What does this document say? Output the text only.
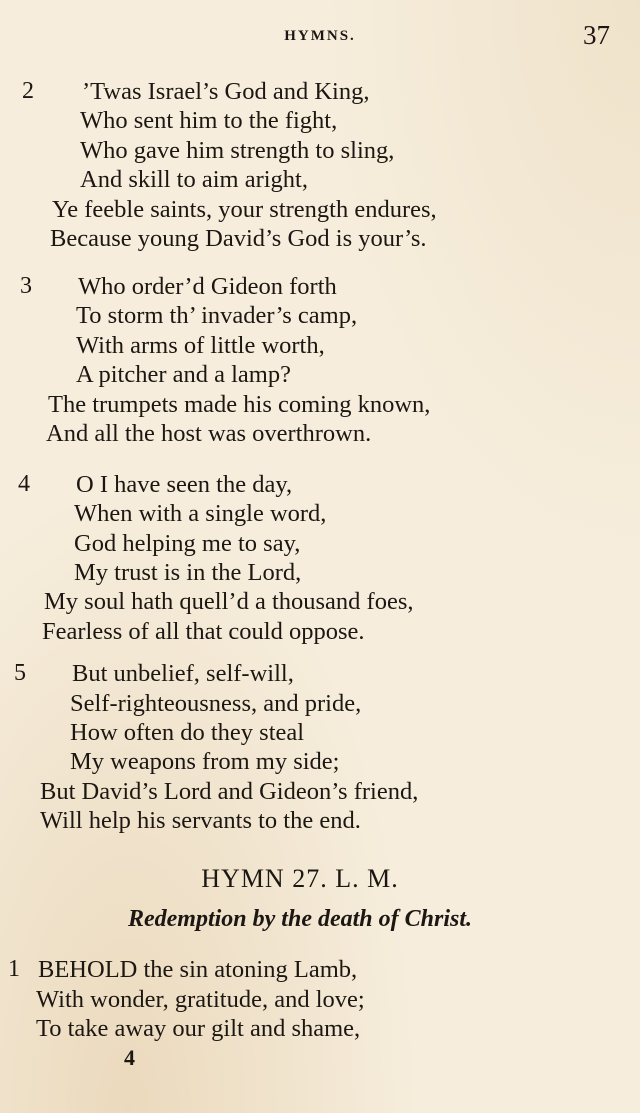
HYMNS.	37
2 ’Twas Israel’s God and King,
Who sent him to the fight,
Who gave him strength to sling,
And skill to aim aright,
Ye feeble saints, your strength endures,
Because young David’s God is your’s.
3 Who order’d Gideon forth
To storm th’ invader’s camp,
With arms of little worth,
A pitcher and a lamp?
The trumpets made his coming known,
And all the host was overthrown.
4 O I have seen the day,
When with a single word,
God helping me to say,
My trust is in the Lord,
My soul hath quell’d a thousand foes,
Fearless of all that could oppose.
5 But unbelief, self-will,
Self-righteousness, and pride,
How often do they steal
My weapons from my side;
But David’s Lord and Gideon’s friend,
Will help his servants to the end.
HYMN 27. L. M.
Redemption by the death of Christ.
1 BEHOLD the sin atoning Lamb,
With wonder, gratitude, and love;
To take away our gilt and shame,
4
